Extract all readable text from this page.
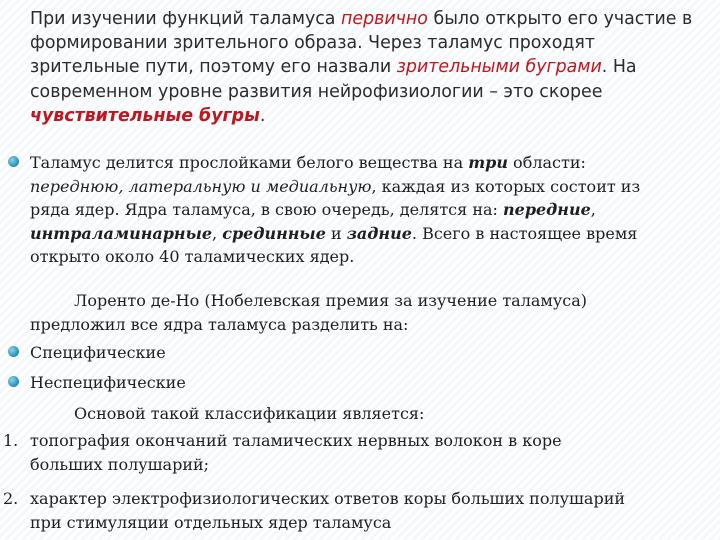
При изучении функций таламуса первично было открыто его участие в формировании зрительного образа. Через таламус проходят зрительные пути, поэтому его назвали зрительными буграми. На современном уровне развития нейрофизиологии – это скорее чувствительные бугры.

Таламус делится прослойками белого вещества на три области:
переднюю, латеральную и медиальную, каждая из которых состоит из
ряда ядер. Ядра таламуса, в свою очередь, делятся на: передние,
интраламинарные, срединные и задние. Всего в настоящее время
открыто около 40 таламических ядер.
Лоренто де-Но (Нобелевская премия за изучение таламуса)
предложил все ядра таламуса разделить на:
Специфические
Неспецифические
Основой такой классификации является:
1. топография окончаний таламических нервных волокон в коре
больших полушарий;
2. характер электрофизиологических ответов коры больших полушарий
при стимуляции отдельных ядер таламуса
